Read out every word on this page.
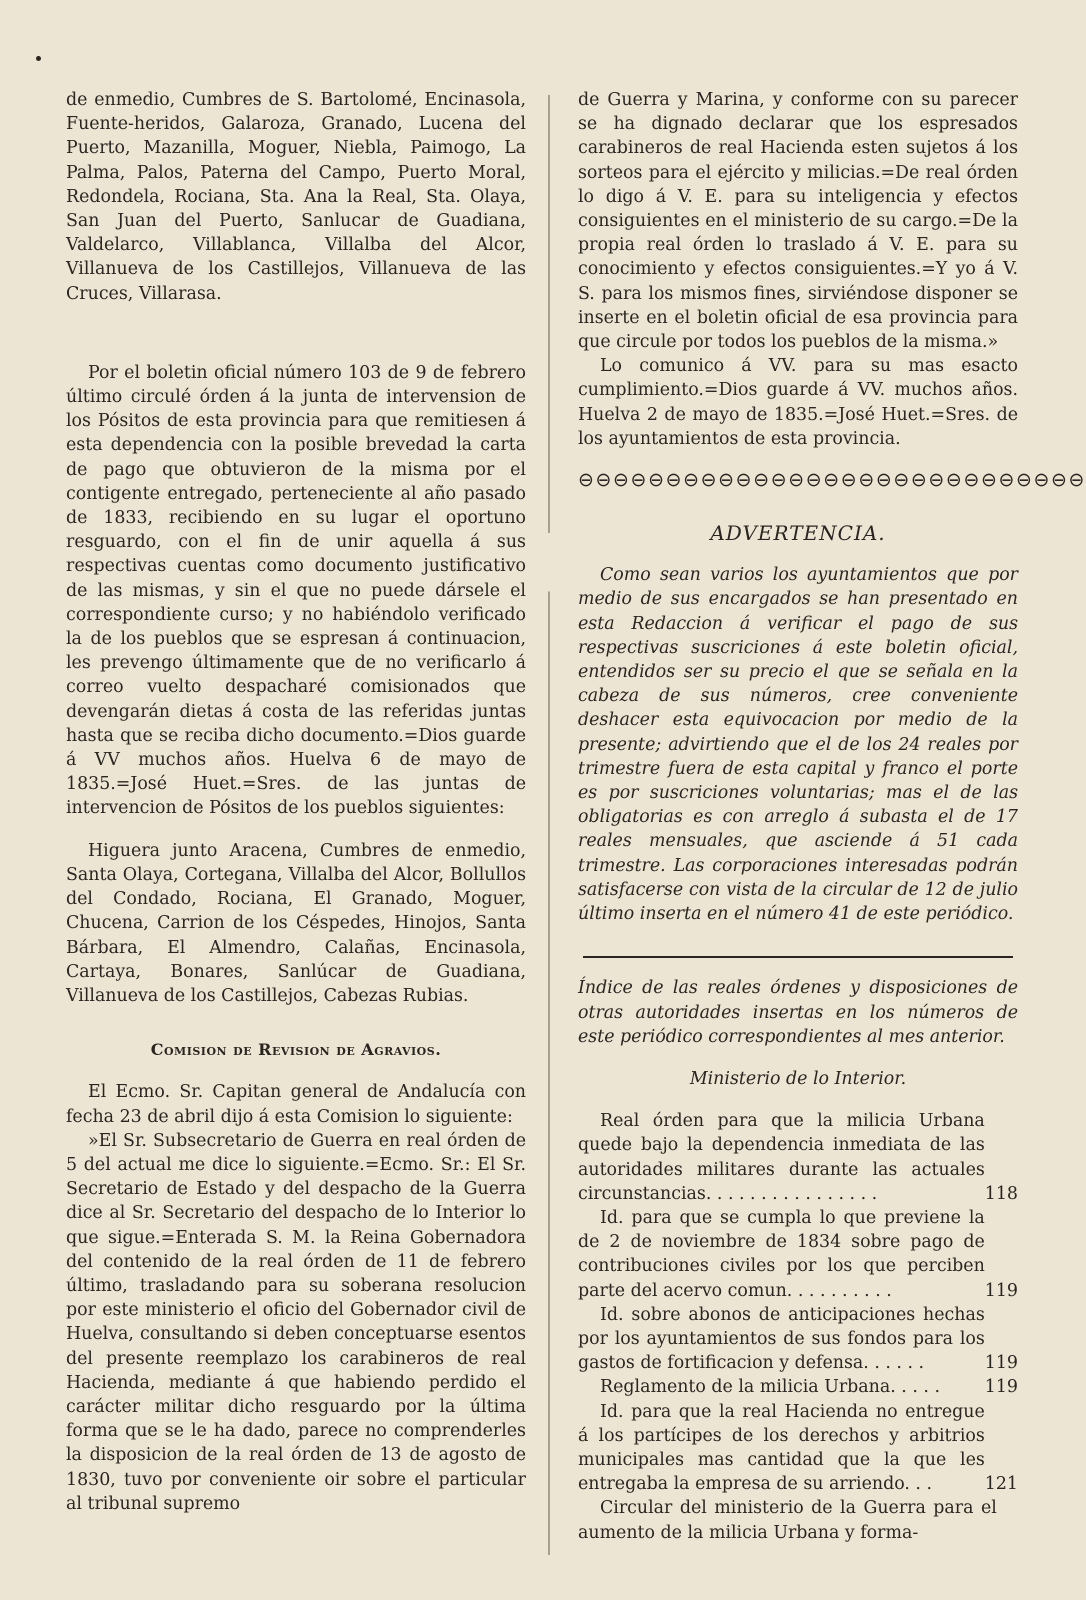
de enmedio, Cumbres de S. Bartolomé, Encinasola, Fuente-heridos, Galaroza, Granado, Lucena del Puerto, Mazanilla, Moguer, Niebla, Paimogo, La Palma, Palos, Paterna del Campo, Puerto Moral, Redondela, Rociana, Sta. Ana la Real, Sta. Olaya, San Juan del Puerto, Sanlucar de Guadiana, Valdelarco, Villablanca, Villalba del Alcor, Villanueva de los Castillejos, Villanueva de las Cruces, Villarasa.

Por el boletin oficial número 103 de 9 de febrero último circulé órden á la junta de intervension de los Pósitos de esta provincia para que remitiesen á esta dependencia con la posible brevedad la carta de pago que obtuvieron de la misma por el contigente entregado, perteneciente al año pasado de 1833, recibiendo en su lugar el oportuno resguardo, con el fin de unir aquella á sus respectivas cuentas como documento justificativo de las mismas, y sin el que no puede dársele el correspondiente curso; y no habiéndolo verificado la de los pueblos que se espresan á continuacion, les prevengo últimamente que de no verificarlo á correo vuelto despacharé comisionados que devengarán dietas á costa de las referidas juntas hasta que se reciba dicho documento.=Dios guarde á VV muchos años. Huelva 6 de mayo de 1835.=José Huet.=Sres. de las juntas de intervencion de Pósitos de los pueblos siguientes:

Higuera junto Aracena, Cumbres de enmedio, Santa Olaya, Cortegana, Villalba del Alcor, Bollullos del Condado, Rociana, El Granado, Moguer, Chucena, Carrion de los Céspedes, Hinojos, Santa Bárbara, El Almendro, Calañas, Encinasola, Cartaya, Bonares, Sanlúcar de Guadiana, Villanueva de los Castillejos, Cabezas Rubias.

Comision de Revision de Agravios.

El Ecmo. Sr. Capitan general de Andalucía con fecha 23 de abril dijo á esta Comision lo siguiente:

»El Sr. Subsecretario de Guerra en real órden de 5 del actual me dice lo siguiente.=Ecmo. Sr.: El Sr. Secretario de Estado y del despacho de la Guerra dice al Sr. Secretario del despacho de lo Interior lo que sigue.=Enterada S. M. la Reina Gobernadora del contenido de la real órden de 11 de febrero último, trasladando para su soberana resolucion por este ministerio el oficio del Gobernador civil de Huelva, consultando si deben conceptuarse esentos del presente reemplazo los carabineros de real Hacienda, mediante á que habiendo perdido el carácter militar dicho resguardo por la última forma que se le ha dado, parece no comprenderles la disposicion de la real órden de 13 de agosto de 1830, tuvo por conveniente oir sobre el particular al tribunal supremo

de Guerra y Marina, y conforme con su parecer se ha dignado declarar que los espresados carabineros de real Hacienda esten sujetos á los sorteos para el ejército y milicias.=De real órden lo digo á V. E. para su inteligencia y efectos consiguientes en el ministerio de su cargo.=De la propia real órden lo traslado á V. E. para su conocimiento y efectos consiguientes.=Y yo á V. S. para los mismos fines, sirviéndose disponer se inserte en el boletin oficial de esa provincia para que circule por todos los pueblos de la misma.»

Lo comunico á VV. para su mas esacto cumplimiento.=Dios guarde á VV. muchos años. Huelva 2 de mayo de 1835.=José Huet.=Sres. de los ayuntamientos de esta provincia.

⊖⊖⊖⊖⊖⊖⊖⊖⊖⊖⊖⊖⊖⊖⊖⊖⊖⊖⊖⊖⊖⊖⊖⊖⊖⊖⊖⊖⊖

ADVERTENCIA.

Como sean varios los ayuntamientos que por medio de sus encargados se han presentado en esta Redaccion á verificar el pago de sus respectivas suscriciones á este boletin oficial, entendidos ser su precio el que se señala en la cabeza de sus números, cree conveniente deshacer esta equivocacion por medio de la presente; advirtiendo que el de los 24 reales por trimestre fuera de esta capital y franco el porte es por suscriciones voluntarias; mas el de las obligatorias es con arreglo á subasta el de 17 reales mensuales, que asciende á 51 cada trimestre. Las corporaciones interesadas podrán satisfacerse con vista de la circular de 12 de julio último inserta en el número 41 de este periódico.

Índice de las reales órdenes y disposiciones de otras autoridades insertas en los números de este periódico correspondientes al mes anterior.

Ministerio de lo Interior.

Real órden para que la milicia Urbana quede bajo la dependencia inmediata de las autoridades militares durante las actuales circunstancias. . . . . . . . . . . . . . . .	118

Id. para que se cumpla lo que previene la de 2 de noviembre de 1834 sobre pago de contribuciones civiles por los que perciben parte del acervo comun. . . . . . . . . .	119

Id. sobre abonos de anticipaciones hechas por los ayuntamientos de sus fondos para los gastos de fortificacion y defensa. . . . . .	119

Reglamento de la milicia Urbana. . . . .	119

Id. para que la real Hacienda no entregue á los partícipes de los derechos y arbitrios municipales mas cantidad que la que les entregaba la empresa de su arriendo. . .	121

Circular del ministerio de la Guerra para el aumento de la milicia Urbana y forma-
